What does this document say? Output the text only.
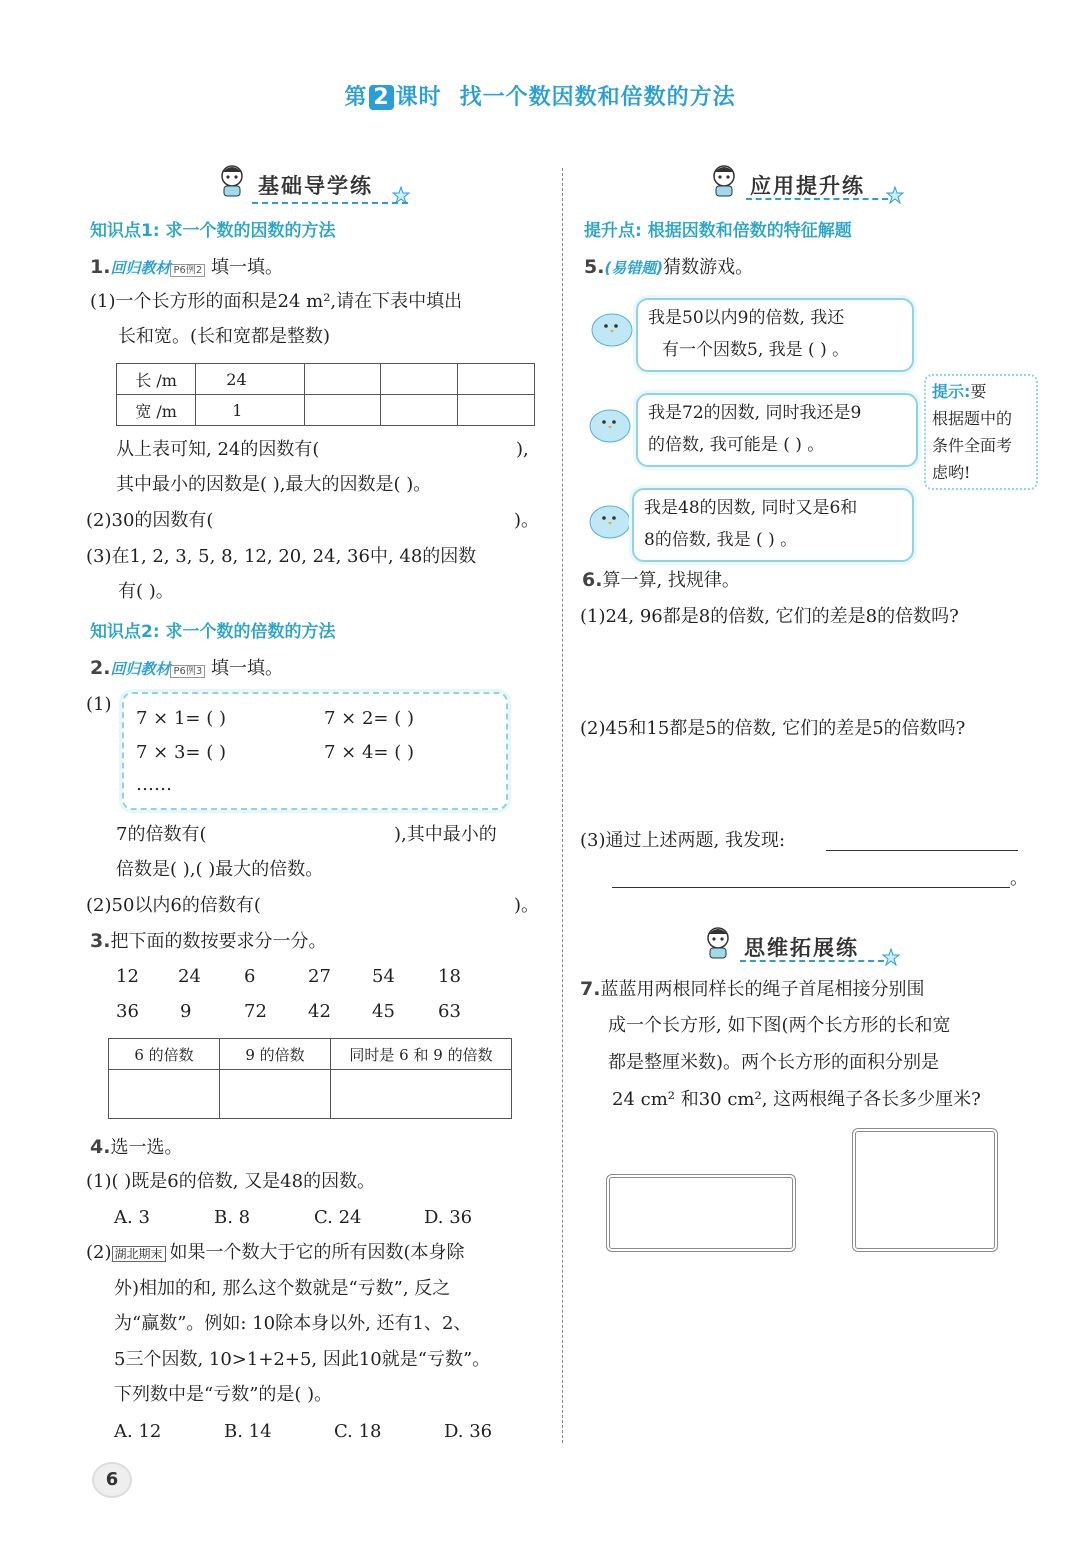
第 2 课时 找一个数因数和倍数的方法
基础导学练
知识点1: 求一个数的因数的方法
1.回归教材 P6例2 填一填。
(1)一个长方形的面积是24 m²,请在下表中填出
长和宽。(长和宽都是整数)
长 /m	24			
宽 /m	1			
从上表可知, 24的因数有(	),
其中最小的因数是( ),最大的因数是( )。
(2)30的因数有(	)。
(3)在1, 2, 3, 5, 8, 12, 20, 24, 36中, 48的因数
有( )。
知识点2: 求一个数的倍数的方法
2.回归教材 P6例3 填一填。
(1)
7 × 1= ( )	7 × 2= ( )
7 × 3= ( )	7 × 4= ( )
……
7的倍数有(	),其中最小的
倍数是( ),( )最大的倍数。
(2)50以内6的倍数有(	)。
3.把下面的数按要求分一分。
12 24 6	27 54 18
36 9	72 42 45 63
6 的倍数	9 的倍数	同时是 6 和 9 的倍数

4.选一选。
(1)( )既是6的倍数, 又是48的因数。
A. 3	B. 8	C. 24	D. 36
(2) 湖北期末 如果一个数大于它的所有因数(本身除
外)相加的和, 那么这个数就是“亏数”, 反之
为“赢数”。例如: 10除本身以外, 还有1、2、
5三个因数, 10>1+2+5, 因此10就是“亏数”。
下列数中是“亏数”的是( )。
A. 12	B. 14	C. 18	D. 36
应用提升练
提升点: 根据因数和倍数的特征解题
5.(易错题)猜数游戏。
我是50以内9的倍数, 我还
有一个因数5, 我是 ( ) 。
我是72的因数, 同时我还是9
的倍数, 我可能是 ( ) 。
提示:要
根据题中的
条件全面考
虑哟!
我是48的因数, 同时又是6和
8的倍数, 我是 ( ) 。
6.算一算, 找规律。
(1)24, 96都是8的倍数, 它们的差是8的倍数吗?
(2)45和15都是5的倍数, 它们的差是5的倍数吗?
(3)通过上述两题, 我发现:
。
思维拓展练
7.蓝蓝用两根同样长的绳子首尾相接分别围
成一个长方形, 如下图(两个长方形的长和宽
都是整厘米数)。两个长方形的面积分别是
24 cm² 和30 cm², 这两根绳子各长多少厘米?
6
